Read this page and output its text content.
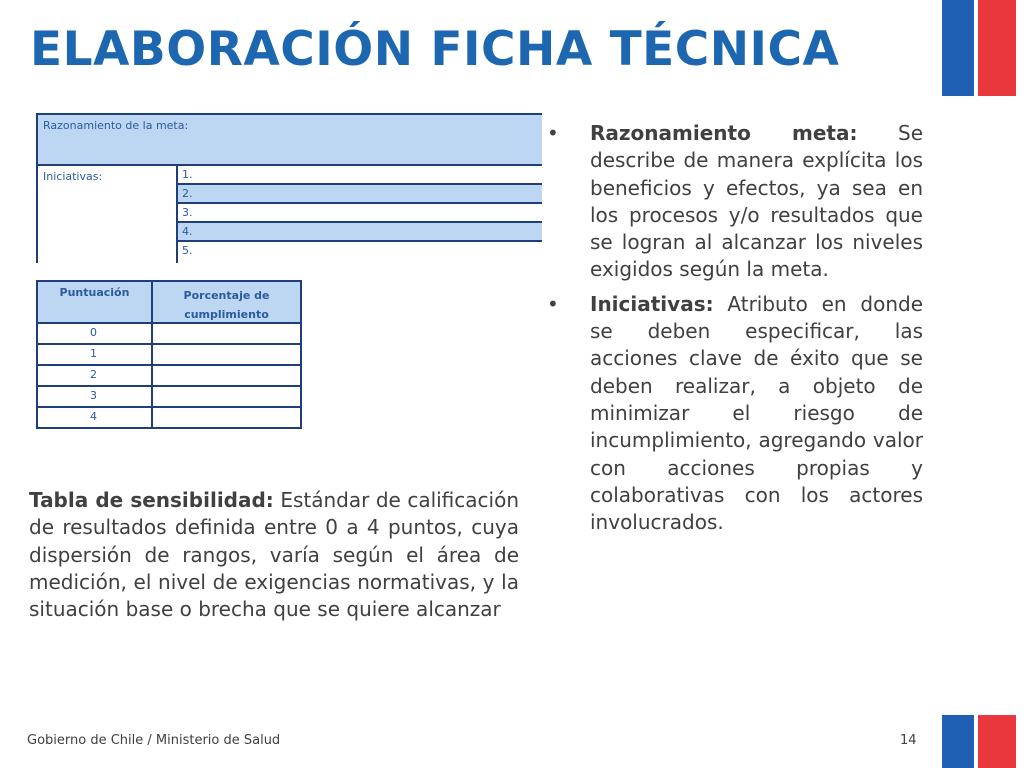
ELABORACIÓN FICHA TÉCNICA
Razonamiento de la meta:
Iniciativas:	1.
2.
3.
4.
5.
Puntuación	Porcentaje de
cumplimiento
0
1
2
3
4
• Razonamiento meta: Se describe de manera explícita los beneficios y efectos, ya sea en los procesos y/o resultados que se logran al alcanzar los niveles exigidos según la meta.
• Iniciativas: Atributo en donde se deben especificar, las acciones clave de éxito que se deben realizar, a objeto de minimizar el riesgo de incumplimiento, agregando valor con acciones propias y colaborativas con los actores involucrados.

Tabla de sensibilidad: Estándar de calificación de resultados definida entre 0 a 4 puntos, cuya dispersión de rangos, varía según el área de medición, el nivel de exigencias normativas, y la situación base o brecha que se quiere alcanzar

Gobierno de Chile / Ministerio de Salud	14
